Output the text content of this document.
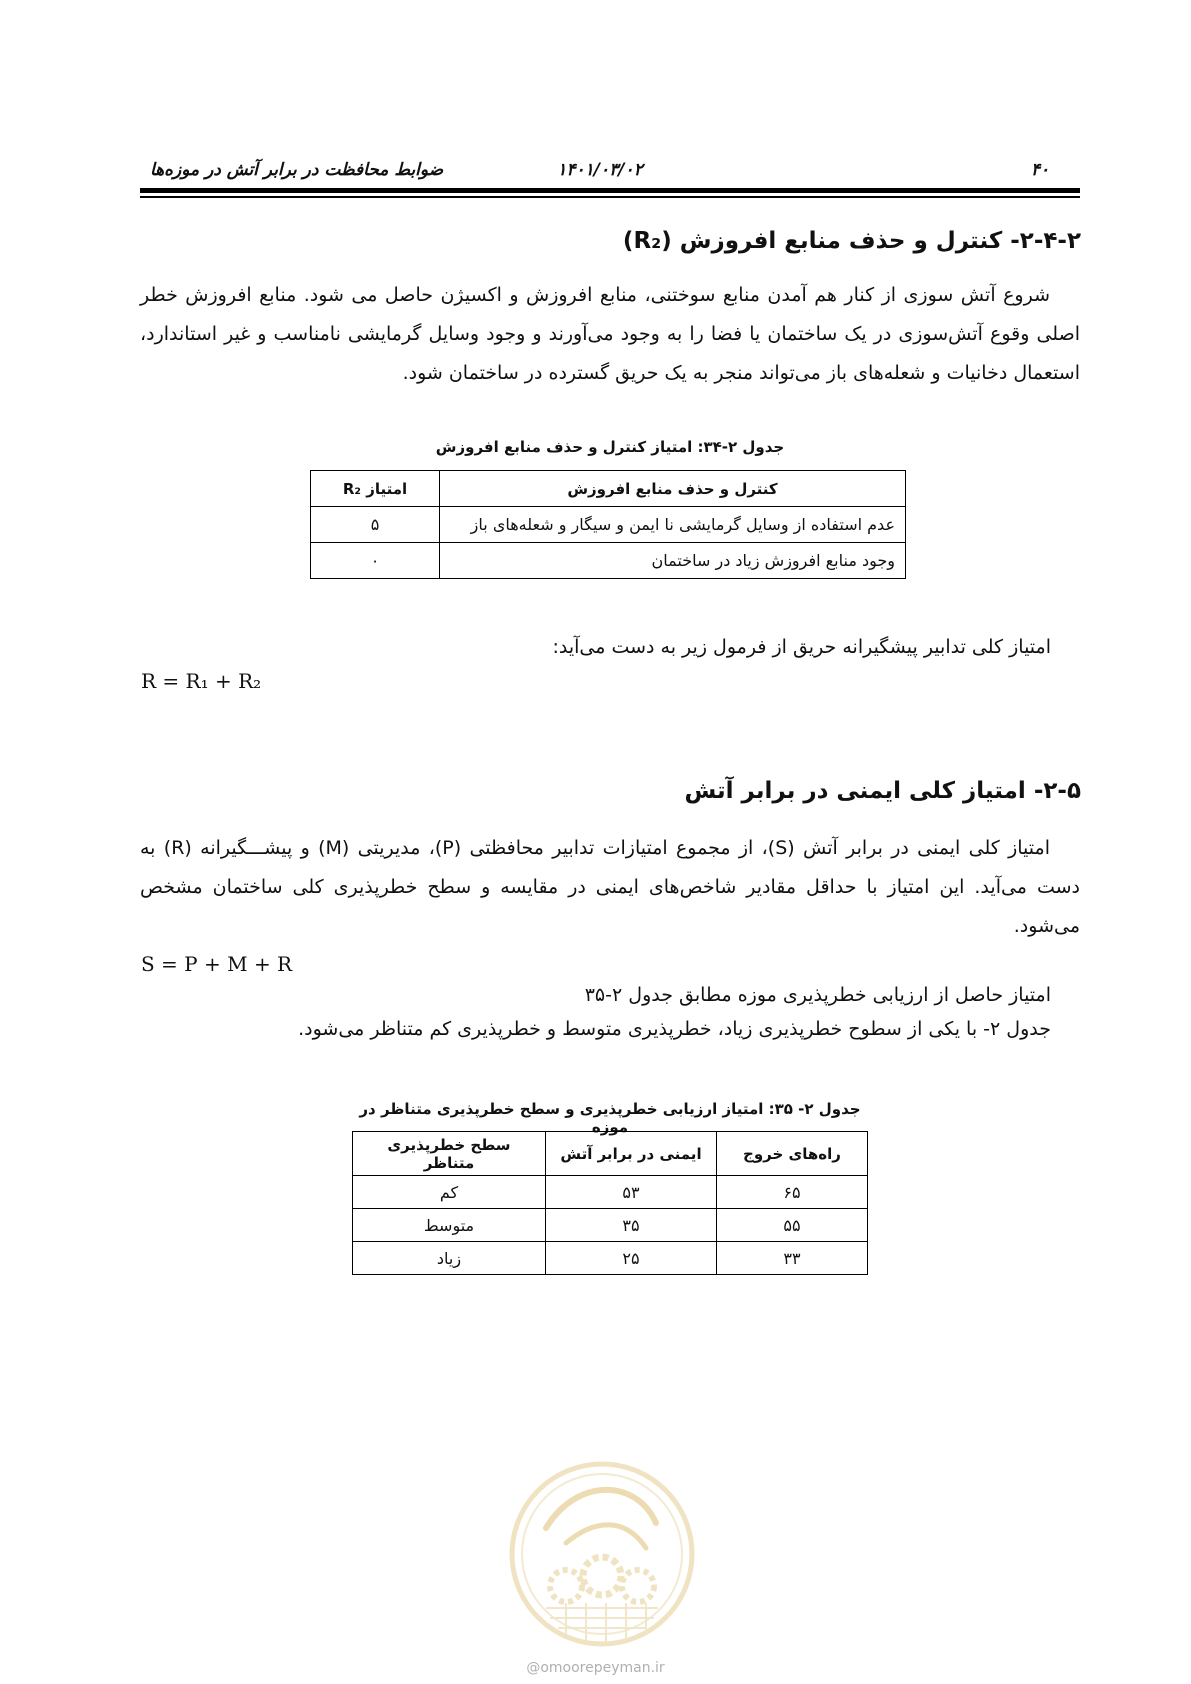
۴۰
۱۴۰۱/۰۳/۰۲
ضوابط محافظت در برابر آتش در موزه‌ها
۲-۴-۲- کنترل و حذف منابع افروزش (R₂)
شروع آتش سوزی از کنار هم آمدن منابع سوختنی، منابع افروزش و اکسیژن حاصل می شود. منابع افروزش خطر اصلی وقوع آتش‌سوزی در یک ساختمان یا فضا را به وجود می‌آورند و وجود وسایل گرمایشی نامناسب و غیر استاندارد، استعمال دخانیات و شعله‌های باز می‌تواند منجر به یک حریق گسترده در ساختمان شود.
جدول ۲-۳۴: امتیاز کنترل و حذف منابع افروزش
کنترل و حذف منابع افروزش	امتیاز R₂
عدم استفاده از وسایل گرمایشی نا ایمن و سیگار و شعله‌های باز	۵
وجود منابع افروزش زیاد در ساختمان	۰
امتیاز کلی تدابیر پیشگیرانه حریق از فرمول زیر به دست می‌آید:
R = R₁ + R₂
۲-۵- امتیاز کلی ایمنی در برابر آتش
امتیاز کلی ایمنی در برابر آتش (S)، از مجموع امتیازات تدابیر محافظتی (P)، مدیریتی (M) و پیشـــگیرانه (R) به دست می‌آید. این امتیاز با حداقل مقادیر شاخص‌های ایمنی در مقایسه و سطح خطرپذیری کلی ساختمان مشخص می‌شود.
S = P + M + R
امتیاز حاصل از ارزیابی خطرپذیری موزه مطابق جدول ۲-۳۵
جدول ۲- با یکی از سطوح خطرپذیری زیاد، خطرپذیری متوسط و خطرپذیری کم متناظر می‌شود.
جدول ۲- ۳۵: امتیاز ارزیابی خطرپذیری و سطح خطرپذیری متناظر در موزه
راه‌های خروج	ایمنی در برابر آتش	سطح خطرپذیری متناظر
۶۵	۵۳	کم
۵۵	۳۵	متوسط
۳۳	۲۵	زیاد
@omoorepeyman.ir
